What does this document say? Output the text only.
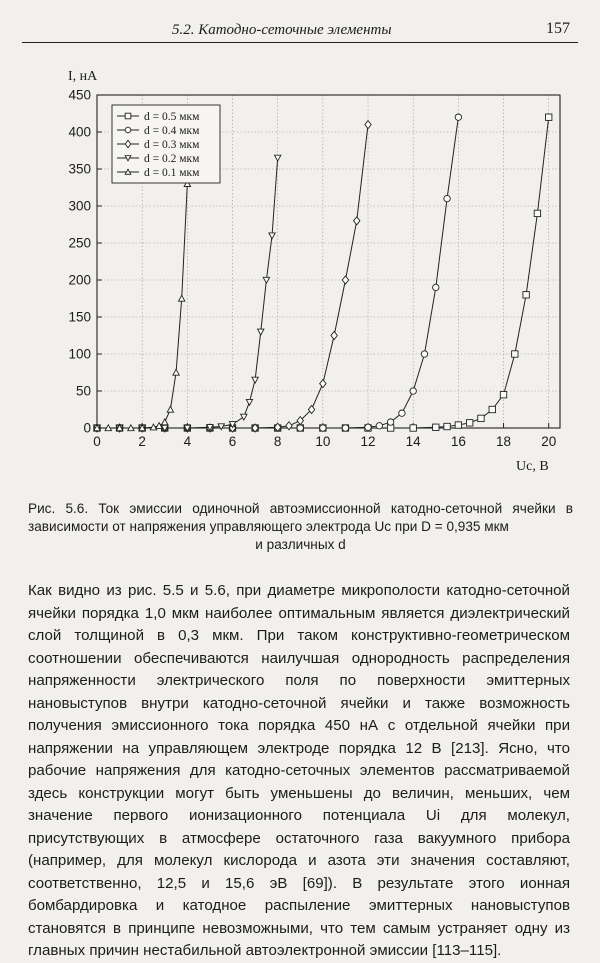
5.2. Катодно-сеточные элементы	157
0	2	4	6	8	10 12 14 16 18 20
0
50
100
150
200
250
300
350
400
450
I, нА
Uс, В
d = 0.5 мкм
d = 0.4 мкм
d = 0.3 мкм
d = 0.2 мкм
d = 0.1 мкм
Рис. 5.6. Ток эмиссии одиночной автоэмиссионной катодно-сеточной ячейки в зависимости от напряжения управляющего электрода Uс при D = 0,935 мкм
и различных d

Как видно из рис. 5.5 и 5.6, при диаметре микрополости катодно-сеточной ячейки порядка 1,0 мкм наиболее оптимальным является диэлектрический слой толщиной в 0,3 мкм. При таком конструктивно-геометрическом соотношении обеспечиваются наилучшая однородность распределения напряженности электрического поля по поверхности эмиттерных нановыступов внутри катодно-сеточной ячейки и также возможность получения эмиссионного тока порядка 450 нА с отдельной ячейки при напряжении на управляющем электроде порядка 12 В [213]. Ясно, что рабочие напряжения для катодно-сеточных элементов рассматриваемой здесь конструкции могут быть уменьшены до величин, меньших, чем значение первого ионизационного потенциала Ui для молекул, присутствующих в атмосфере остаточного газа вакуумного прибора (например, для молекул кислорода и азота эти значения составляют, соответственно, 12,5 и 15,6 эВ [69]). В результате этого ионная бомбардировка и катодное распыление эмиттерных нановыступов становятся в принципе невозможными, что тем самым устраняет одну из главных причин нестабильной автоэлектронной эмиссии [113–115].
